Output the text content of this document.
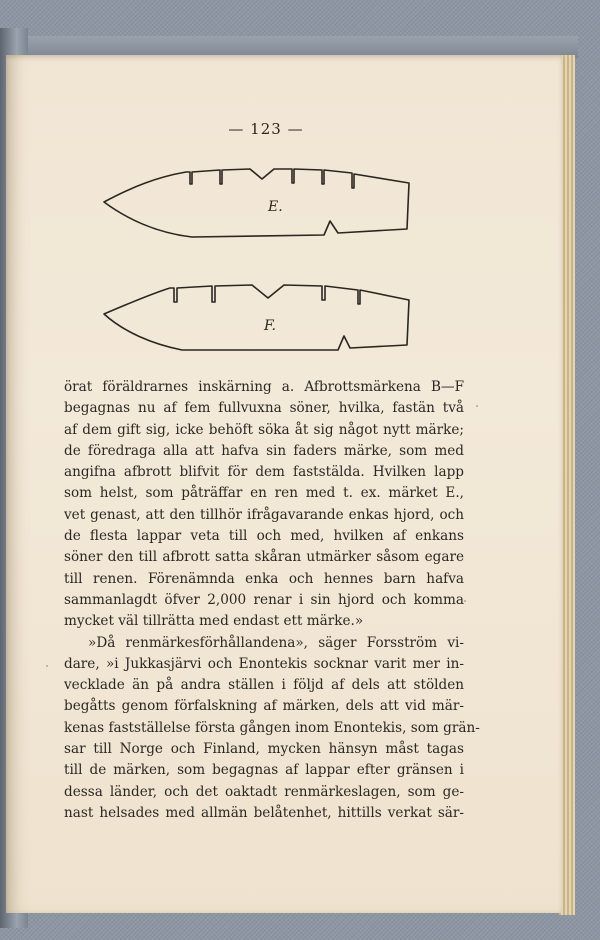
— 123 —
E.
F.
örat föräldrarnes inskärning a. Afbrottsmärkena B—F
begagnas nu af fem fullvuxna söner, hvilka, fastän två
af dem gift sig, icke behöft söka åt sig något nytt märke;
de föredraga alla att hafva sin faders märke, som med
angifna afbrott blifvit för dem faststälda. Hvilken lapp
som helst, som påträffar en ren med t. ex. märket E.,
vet genast, att den tillhör ifrågavarande enkas hjord, och
de flesta lappar veta till och med, hvilken af enkans
söner den till afbrott satta skåran utmärker såsom egare
till renen. Förenämnda enka och hennes barn hafva
sammanlagdt öfver 2,000 renar i sin hjord och komma
mycket väl tillrätta med endast ett märke.»
»Då renmärkesförhållandena», säger Forsström vi-
dare, »i Jukkasjärvi och Enontekis socknar varit mer in-
vecklade än på andra ställen i följd af dels att stölden
begåtts genom förfalskning af märken, dels att vid mär-
kenas fastställelse första gången inom Enontekis, som grän-
sar till Norge och Finland, mycken hänsyn måst tagas
till de märken, som begagnas af lappar efter gränsen i
dessa länder, och det oaktadt renmärkeslagen, som ge-
nast helsades med allmän belåtenhet, hittills verkat sär-
